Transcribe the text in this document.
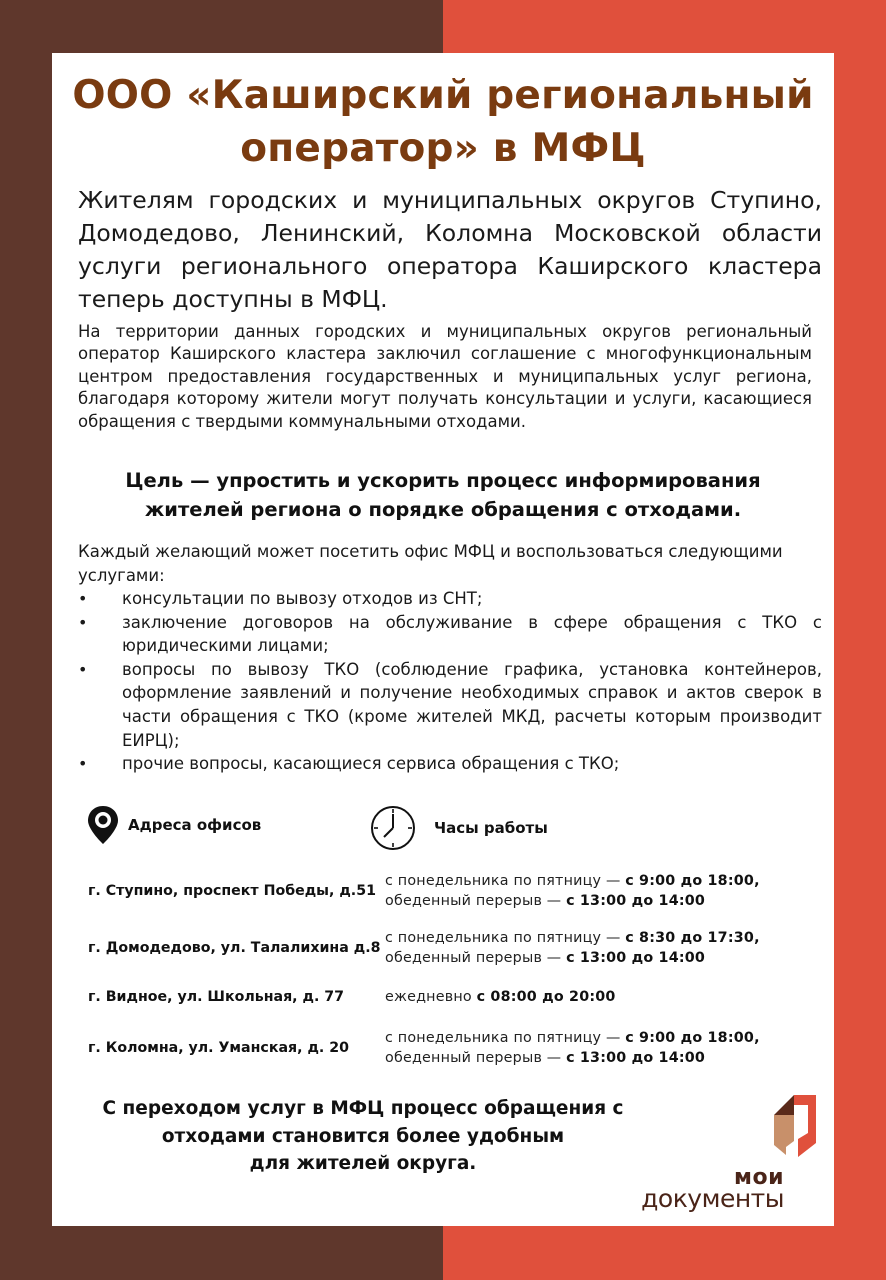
ООО «Каширский региональный
оператор» в МФЦ
Жителям городских и муниципальных округов Ступино, Домодедово, Ленинский, Коломна Московской области услуги регионального оператора Каширского кластера теперь доступны в МФЦ.
На территории данных городских и муниципальных округов региональный оператор Каширского кластера заключил соглашение с многофункциональным центром предоставления государственных и муниципальных услуг региона, благодаря которому жители могут получать консультации и услуги, касающиеся обращения с твердыми коммунальными отходами.
Цель — упростить и ускорить процесс информирования
жителей региона о порядке обращения с отходами.
Каждый желающий может посетить офис МФЦ и воспользоваться следующими услугами:
• консультации по вывозу отходов из СНТ;
• заключение договоров на обслуживание в сфере обращения с ТКО с юридическими лицами;
• вопросы по вывозу ТКО (соблюдение графика, установка контейнеров, оформление заявлений и получение необходимых справок и актов сверок в части обращения с ТКО (кроме жителей МКД, расчеты которым производит ЕИРЦ);
• прочие вопросы, касающиеся сервиса обращения с ТКО;
Адреса офисов	Часы работы
г. Ступино, проспект Победы, д.51
с понедельника по пятницу — с 9:00 до 18:00,
обеденный перерыв — с 13:00 до 14:00
г. Домодедово, ул. Талалихина д.8
с понедельника по пятницу — с 8:30 до 17:30,
обеденный перерыв — с 13:00 до 14:00
г. Видное, ул. Школьная, д. 77	ежедневно с 08:00 до 20:00
г. Коломна, ул. Уманская, д. 20
с понедельника по пятницу — с 9:00 до 18:00,
обеденный перерыв — с 13:00 до 14:00
С переходом услуг в МФЦ процесс обращения с
отходами становится более удобным
для жителей округа.
мои
документы
